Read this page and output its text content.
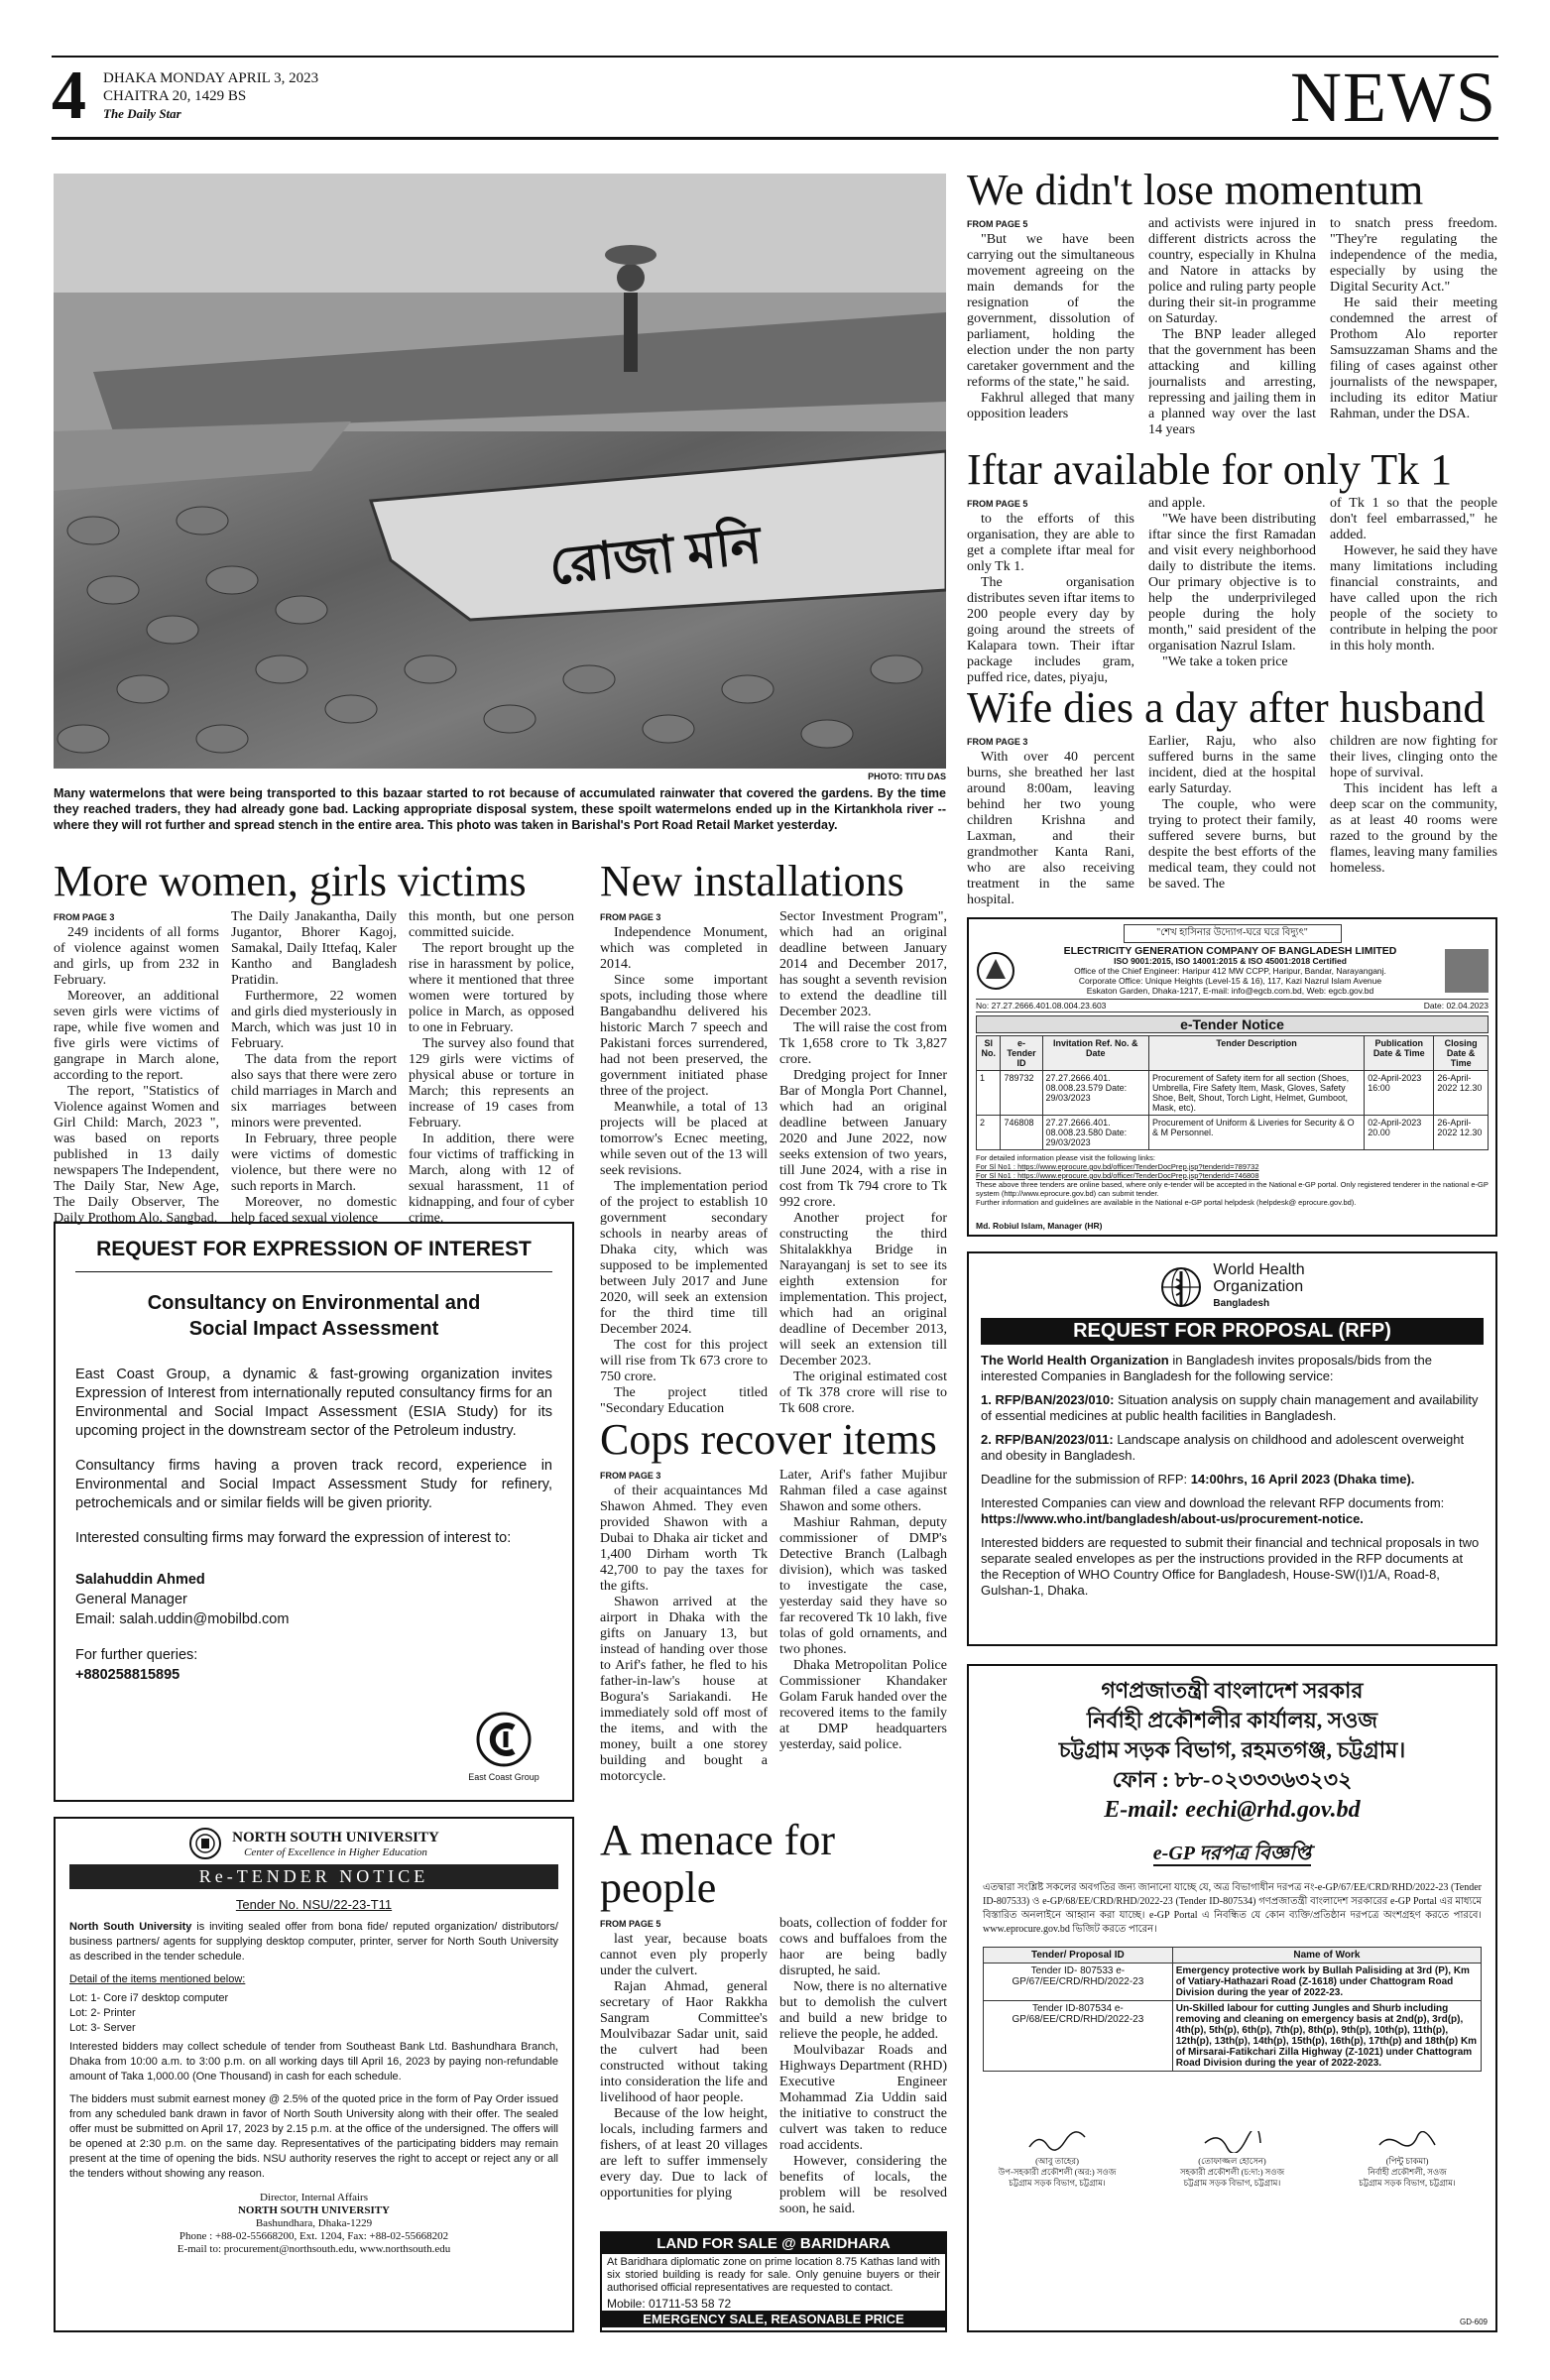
4 DHAKA MONDAY APRIL 3, 2023
CHAITRA 20, 1429 BS
The Daily Star	NEWS
রোজা মনি
PHOTO: TITU DAS
Many watermelons that were being transported to this bazaar started to rot because of accumulated rainwater that covered the gardens. By the time they reached traders, they had already gone bad. Lacking appropriate disposal system, these spoilt watermelons ended up in the Kirtankhola river -- where they will rot further and spread stench in the entire area. This photo was taken in Barishal's Port Road Retail Market yesterday.
We didn't lose momentum
FROM PAGE 5

"But we have been carrying out the simultaneous movement agreeing on the main demands for the resignation of the government, dissolution of parliament, holding the election under the non party caretaker government and the reforms of the state," he said.

Fakhrul alleged that many opposition leaders

and activists were injured in different districts across the country, especially in Khulna and Natore in attacks by police and ruling party people during their sit-in programme on Saturday.

The BNP leader alleged that the government has been attacking and killing journalists and arresting, repressing and jailing them in a planned way over the last 14 years

to snatch press freedom. "They're regulating the independence of the media, especially by using the Digital Security Act."

He said their meeting condemned the arrest of Prothom Alo reporter Samsuzzaman Shams and the filing of cases against other journalists of the newspaper, including its editor Matiur Rahman, under the DSA.

Iftar available for only Tk 1
FROM PAGE 5

to the efforts of this organisation, they are able to get a complete iftar meal for only Tk 1.

The organisation distributes seven iftar items to 200 people every day by going around the streets of Kalapara town. Their iftar package includes gram, puffed rice, dates, piyaju,

and apple.

"We have been distributing iftar since the first Ramadan and visit every neighborhood daily to distribute the items. Our primary objective is to help the underprivileged people during the holy month," said president of the organisation Nazrul Islam.

"We take a token price

of Tk 1 so that the people don't feel embarrassed," he added.

However, he said they have many limitations including financial constraints, and have called upon the rich people of the society to contribute in helping the poor in this holy month.

Wife dies a day after husband
FROM PAGE 3

With over 40 percent burns, she breathed her last around 8:00am, leaving behind her two young children Krishna and Laxman, and their grandmother Kanta Rani, who are also receiving treatment in the same hospital.

Earlier, Raju, who also suffered burns in the same incident, died at the hospital early Saturday.

The couple, who were trying to protect their family, suffered severe burns, but despite the best efforts of the medical team, they could not be saved. The

children are now fighting for their lives, clinging onto the hope of survival.

This incident has left a deep scar on the community, as at least 40 rooms were razed to the ground by the flames, leaving many families homeless.

More women, girls victims
FROM PAGE 3

249 incidents of all forms of violence against women and girls, up from 232 in February.

Moreover, an additional seven girls were victims of rape, while five women and five girls were victims of gangrape in March alone, according to the report.

The report, "Statistics of Violence against Women and Girl Child: March, 2023 ", was based on reports published in 13 daily newspapers The Independent, The Daily Star, New Age, The Daily Observer, The Daily Prothom Alo, Sangbad,

The Daily Janakantha, Daily Jugantor, Bhorer Kagoj, Samakal, Daily Ittefaq, Kaler Kantho and Bangladesh Pratidin.

Furthermore, 22 women and girls died mysteriously in March, which was just 10 in February.

The data from the report also says that there were zero child marriages in March and six marriages between minors were prevented.

In February, three people were victims of domestic violence, but there were no such reports in March.

Moreover, no domestic help faced sexual violence

this month, but one person committed suicide.

The report brought up the rise in harassment by police, where it mentioned that three women were tortured by police in March, as opposed to one in February.

The survey also found that 129 girls were victims of physical abuse or torture in March; this represents an increase of 19 cases from February.

In addition, there were four victims of trafficking in March, along with 12 of sexual harassment, 11 of kidnapping, and four of cyber crime.

New installations
FROM PAGE 3

Independence Monument, which was completed in 2014.

Since some important spots, including those where Bangabandhu delivered his historic March 7 speech and Pakistani forces surrendered, had not been preserved, the government initiated phase three of the project.

Meanwhile, a total of 13 projects will be placed at tomorrow's Ecnec meeting, while seven out of the 13 will seek revisions.

The implementation period of the project to establish 10 government secondary schools in nearby areas of Dhaka city, which was supposed to be implemented between July 2017 and June 2020, will seek an extension for the third time till December 2024.

The cost for this project will rise from Tk 673 crore to 750 crore.

The project titled "Secondary Education

Sector Investment Program", which had an original deadline between January 2014 and December 2017, has sought a seventh revision to extend the deadline till December 2023.

The will raise the cost from Tk 1,658 crore to Tk 3,827 crore.

Dredging project for Inner Bar of Mongla Port Channel, which had an original deadline between January 2020 and June 2022, now seeks extension of two years, till June 2024, with a rise in cost from Tk 794 crore to Tk 992 crore.

Another project for constructing the third Shitalakkhya Bridge in Narayanganj is set to see its eighth extension for implementation. This project, which had an original deadline of December 2013, will seek an extension till December 2023.

The original estimated cost of Tk 378 crore will rise to Tk 608 crore.

Cops recover items
FROM PAGE 3

of their acquaintances Md Shawon Ahmed. They even provided Shawon with a Dubai to Dhaka air ticket and 1,400 Dirham worth Tk 42,700 to pay the taxes for the gifts.

Shawon arrived at the airport in Dhaka with the gifts on January 13, but instead of handing over those to Arif's father, he fled to his father-in-law's house at Bogura's Sariakandi. He immediately sold off most of the items, and with the money, built a one storey building and bought a motorcycle.

Later, Arif's father Mujibur Rahman filed a case against Shawon and some others.

Mashiur Rahman, deputy commissioner of DMP's Detective Branch (Lalbagh division), which was tasked to investigate the case, yesterday said they have so far recovered Tk 10 lakh, five tolas of gold ornaments, and two phones.

Dhaka Metropolitan Police Commissioner Khandaker Golam Faruk handed over the recovered items to the family at DMP headquarters yesterday, said police.

A menace for people
FROM PAGE 5

last year, because boats cannot even ply properly under the culvert.

Rajan Ahmad, general secretary of Haor Rakkha Sangram Committee's Moulvibazar Sadar unit, said the culvert had been constructed without taking into consideration the life and livelihood of haor people.

Because of the low height, locals, including farmers and fishers, of at least 20 villages are left to suffer immensely every day. Due to lack of opportunities for plying

boats, collection of fodder for cows and buffaloes from the haor are being badly disrupted, he said.

Now, there is no alternative but to demolish the culvert and build a new bridge to relieve the people, he added.

Moulvibazar Roads and Highways Department (RHD) Executive Engineer Mohammad Zia Uddin said the initiative to construct the culvert was taken to reduce road accidents.

However, considering the benefits of locals, the problem will be resolved soon, he said.

REQUEST FOR EXPRESSION OF INTEREST
Consultancy on Environmental and Social Impact Assessment
East Coast Group, a dynamic & fast-growing organization invites Expression of Interest from internationally reputed consultancy firms for an Environmental and Social Impact Assessment (ESIA Study) for its upcoming project in the downstream sector of the Petroleum industry.
Consultancy firms having a proven track record, experience in Environmental and Social Impact Assessment Study for refinery, petrochemicals and or similar fields will be given priority.
Interested consulting firms may forward the expression of interest to:
Salahuddin Ahmed
General Manager
Email: salah.uddin@mobilbd.com
For further queries:
+880258815895
East Coast Group
NORTH SOUTH UNIVERSITY
Center of Excellence in Higher Education
Re-TENDER NOTICE
Tender No. NSU/22-23-T11

North South University is inviting sealed offer from bona fide/ reputed organization/ distributors/ business partners/ agents for supplying desktop computer, printer, server for North South University as described in the tender schedule.

Detail of the items mentioned below:

Lot: 1- Core i7 desktop computer

Lot: 2- Printer

Lot: 3- Server

Interested bidders may collect schedule of tender from Southeast Bank Ltd. Bashundhara Branch, Dhaka from 10:00 a.m. to 3:00 p.m. on all working days till April 16, 2023 by paying non-refundable amount of Taka 1,000.00 (One Thousand) in cash for each schedule.

The bidders must submit earnest money @ 2.5% of the quoted price in the form of Pay Order issued from any scheduled bank drawn in favor of North South University along with their offer. The sealed offer must be submitted on April 17, 2023 by 2.15 p.m. at the office of the undersigned. The offers will be opened at 2:30 p.m. on the same day. Representatives of the participating bidders may remain present at the time of opening the bids. NSU authority reserves the right to accept or reject any or all the tenders without showing any reason.

Director, Internal Affairs
NORTH SOUTH UNIVERSITY
Bashundhara, Dhaka-1229
Phone : +88-02-55668200, Ext. 1204, Fax: +88-02-55668202
E-mail to: procurement@northsouth.edu, www.northsouth.edu
"শেখ হাসিনার উদ্যোগ-ঘরে ঘরে বিদ্যুৎ"
ELECTRICITY GENERATION COMPANY OF BANGLADESH LIMITED
ISO 9001:2015, ISO 14001:2015 & ISO 45001:2018 Certified
Office of the Chief Engineer: Haripur 412 MW CCPP, Haripur, Bandar, Narayanganj.
Corporate Office: Unique Heights (Level-15 & 16), 117, Kazi Nazrul Islam Avenue
Eskaton Garden, Dhaka-1217, E-mail: info@egcb.com.bd, Web: egcb.gov.bd
No: 27.27.2666.401.08.004.23.603	Date: 02.04.2023
e-Tender Notice
Sl No.	e-Tender ID	Invitation Ref. No. & Date	Tender Description	Publication Date & Time	Closing Date & Time
1	789732	27.27.2666.401. 08.008.23.579 Date: 29/03/2023	Procurement of Safety item for all section (Shoes, Umbrella, Fire Safety Item, Mask, Gloves, Safety Shoe, Belt, Shout, Torch Light, Helmet, Gumboot, Mask, etc).	02-April-2023 16:00	26-April-2022 12.30
2	746808	27.27.2666.401. 08.008.23.580 Date: 29/03/2023	Procurement of Uniform & Liveries for Security & O & M Personnel.	02-April-2023 20.00	26-April-2022 12.30
For detailed information please visit the following links:
For Sl No1 : https://www.eprocure.gov.bd/officer/TenderDocPrep.jsp?tenderId=789732
For Sl No1 : https://www.eprocure.gov.bd/officer/TenderDocPrep.jsp?tenderId=746808
These above three tenders are online based, where only e-tender will be accepted in the National e-GP portal. Only registered tenderer in the national e-GP system (http://www.eprocure.gov.bd) can submit tender.
Further information and guidelines are available in the National e-GP portal helpdesk (helpdesk@ eprocure.gov.bd).
Md. Robiul Islam, Manager (HR)
World Health
Organization
Bangladesh
REQUEST FOR PROPOSAL (RFP)

The World Health Organization in Bangladesh invites proposals/bids from the interested Companies in Bangladesh for the following service:

1. RFP/BAN/2023/010: Situation analysis on supply chain management and availability of essential medicines at public health facilities in Bangladesh.

2. RFP/BAN/2023/011: Landscape analysis on childhood and adolescent overweight and obesity in Bangladesh.

Deadline for the submission of RFP: 14:00hrs, 16 April 2023 (Dhaka time).

Interested Companies can view and download the relevant RFP documents from: https://www.who.int/bangladesh/about-us/procurement-notice.

Interested bidders are requested to submit their financial and technical proposals in two separate sealed envelopes as per the instructions provided in the RFP documents at the Reception of WHO Country Office for Bangladesh, House-SW(I)1/A, Road-8, Gulshan-1, Dhaka.

গণপ্রজাতন্ত্রী বাংলাদেশ সরকার
নির্বাহী প্রকৌশলীর কার্যালয়, সওজ
চট্টগ্রাম সড়ক বিভাগ, রহমতগঞ্জ, চট্টগ্রাম।
ফোন : ৮৮-০২৩৩৩৬৩২৩২
E-mail: eechi@rhd.gov.bd
e-GP দরপত্র বিজ্ঞপ্তি
এতদ্বারা সংশ্লিষ্ট সকলের অবগতির জন্য জানানো যাচ্ছে যে, অত্র বিভাগাধীন দরপত্র নং-e-GP/67/EE/CRD/RHD/2022-23 (Tender ID-807533) ও e-GP/68/EE/CRD/RHD/2022-23 (Tender ID-807534) গণপ্রজাতন্ত্রী বাংলাদেশ সরকারের e-GP Portal এর মাধ্যমে বিস্তারিত অনলাইনে আহ্বান করা যাচ্ছে। e-GP Portal এ নিবন্ধিত যে কোন ব্যক্তি/প্রতিষ্ঠান দরপত্রে অংশগ্রহণ করতে পারবে। www.eprocure.gov.bd ভিজিট করতে পারেন।
Tender/ Proposal ID	Name of Work
Tender ID- 807533 e-GP/67/EE/CRD/RHD/2022-23	Emergency protective work by Bullah Palisiding at 3rd (P), Km of Vatiary-Hathazari Road (Z-1618) under Chattogram Road Division during the year of 2022-23.
Tender ID-807534 e-GP/68/EE/CRD/RHD/2022-23	Un-Skilled labour for cutting Jungles and Shurb including removing and cleaning on emergency basis at 2nd(p), 3rd(p), 4th(p), 5th(p), 6th(p), 7th(p), 8th(p), 9th(p), 10th(p), 11th(p), 12th(p), 13th(p), 14th(p), 15th(p), 16th(p), 17th(p) and 18th(p) Km of Mirsarai-Fatikchari Zilla Highway (Z-1021) under Chattogram Road Division during the year of 2022-2023.
(আবু তাহের)
উপ-সহকারী প্রকৌশলী (অর:) সওজ
চট্টগ্রাম সড়ক বিভাগ, চট্টগ্রাম।
(তোফাজ্জল হোসেন)
সহকারী প্রকৌশলী (চ:দা:) সওজ
চট্টগ্রাম সড়ক বিভাগ, চট্টগ্রাম।
(পিন্টু চাকমা)
নির্বাহী প্রকৌশলী, সওজ
চট্টগ্রাম সড়ক বিভাগ, চট্টগ্রাম।
GD-609
LAND FOR SALE @ BARIDHARA
At Baridhara diplomatic zone on prime location 8.75 Kathas land with six storied building is ready for sale. Only genuine buyers or their authorised official representatives are requested to contact.
Mobile: 01711-53 58 72
EMERGENCY SALE, REASONABLE PRICE
